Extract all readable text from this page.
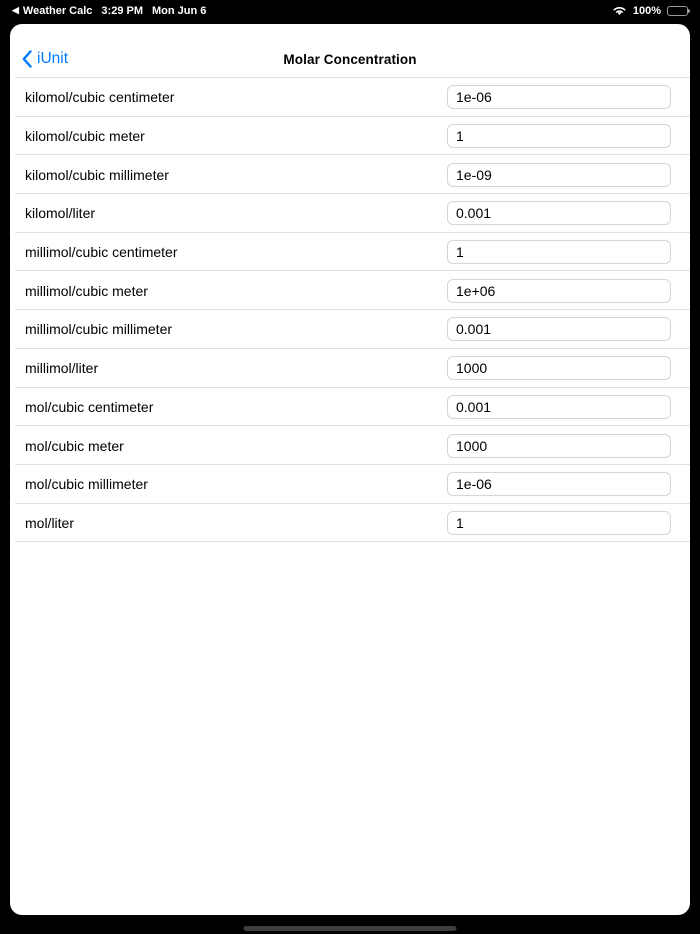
◀ Weather Calc 3:29 PM Mon Jun 6	100%
iUnit	Molar Concentration
kilomol/cubic centimeter
1e-06
kilomol/cubic meter
1
kilomol/cubic millimeter
1e-09
kilomol/liter
0.001
millimol/cubic centimeter
1
millimol/cubic meter
1e+06
millimol/cubic millimeter
0.001
millimol/liter
1000
mol/cubic centimeter
0.001
mol/cubic meter
1000
mol/cubic millimeter
1e-06
mol/liter
1
